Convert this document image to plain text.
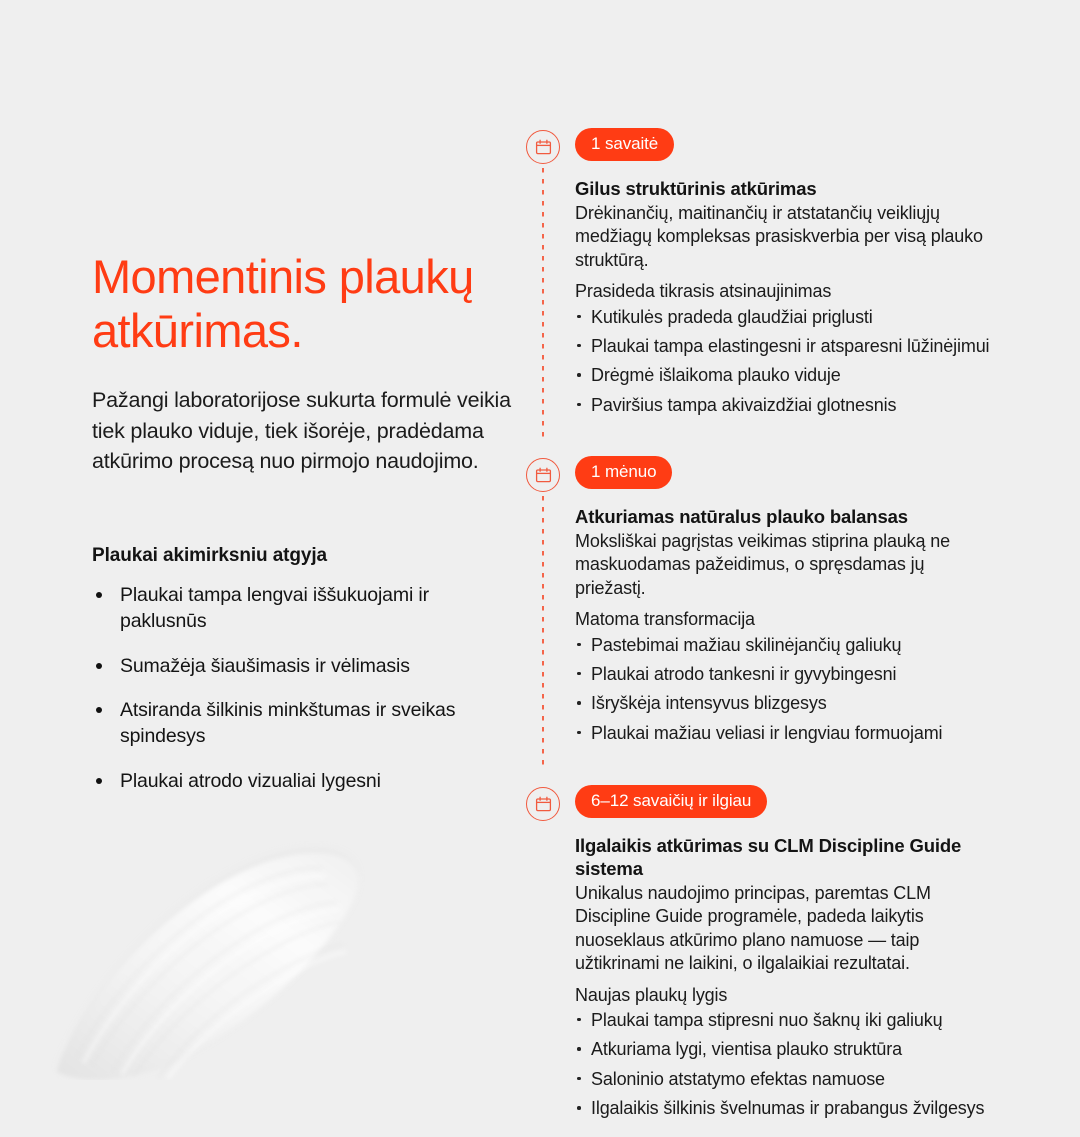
Momentinis plaukų atkūrimas.

Pažangi laboratorijose sukurta formulė veikia tiek plauko viduje, tiek išorėje, pradėdama atkūrimo procesą nuo pirmojo naudojimo.

Plaukai akimirksniu atgyja
Plaukai tampa lengvai iššukuojami ir paklusnūs
Sumažėja šiaušimasis ir vėlimasis
Atsiranda šilkinis minkštumas ir sveikas spindesys
Plaukai atrodo vizualiai lygesni
1 savaitė
Gilus struktūrinis atkūrimas

Drėkinančių, maitinančių ir atstatančių veikliųjų medžiagų kompleksas prasiskverbia per visą plauko struktūrą.

Prasideda tikrasis atsinaujinimas

Kutikulės pradeda glaudžiai priglusti
Plaukai tampa elastingesni ir atsparesni lūžinėjimui
Drėgmė išlaikoma plauko viduje
Paviršius tampa akivaizdžiai glotnesnis
1 mėnuo
Atkuriamas natūralus plauko balansas

Moksliškai pagrįstas veikimas stiprina plauką ne maskuodamas pažeidimus, o spręsdamas jų priežastį.

Matoma transformacija

Pastebimai mažiau skilinėjančių galiukų
Plaukai atrodo tankesni ir gyvybingesni
Išryškėja intensyvus blizgesys
Plaukai mažiau veliasi ir lengviau formuojami
6–12 savaičių ir ilgiau
Ilgalaikis atkūrimas su CLM Discipline Guide sistema

Unikalus naudojimo principas, paremtas CLM Discipline Guide programėle, padeda laikytis nuoseklaus atkūrimo plano namuose — taip užtikrinami ne laikini, o ilgalaikiai rezultatai.

Naujas plaukų lygis

Plaukai tampa stipresni nuo šaknų iki galiukų
Atkuriama lygi, vientisa plauko struktūra
Saloninio atstatymo efektas namuose
Ilgalaikis šilkinis švelnumas ir prabangus žvilgesys
